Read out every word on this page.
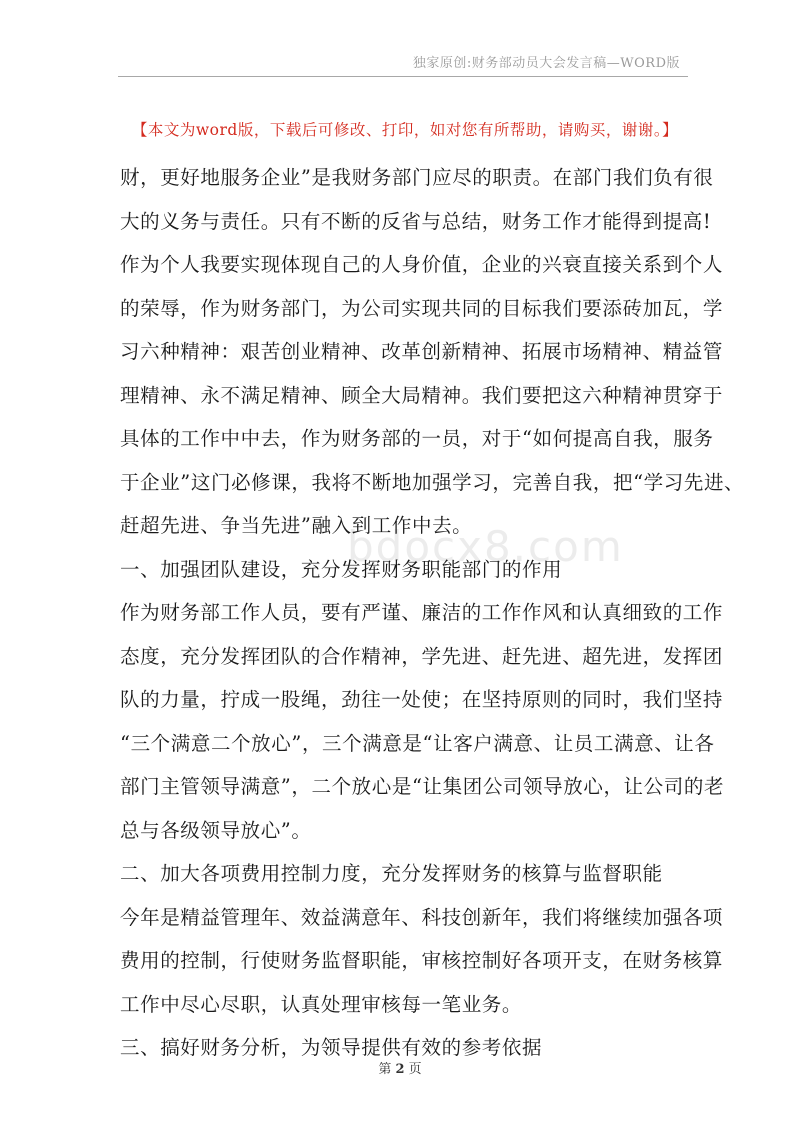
独家原创:财务部动员大会发言稿—WORD版
【本文为word版，下载后可修改、打印，如对您有所帮助，请购买，谢谢。】
bdocx8.com
财，更好地服务企业”是我财务部门应尽的职责。在部门我们负有很
大的义务与责任。只有不断的反省与总结，财务工作才能得到提高!
作为个人我要实现体现自己的人身价值，企业的兴衰直接关系到个人
的荣辱，作为财务部门，为公司实现共同的目标我们要添砖加瓦，学
习六种精神：艰苦创业精神、改革创新精神、拓展市场精神、精益管
理精神、永不满足精神、顾全大局精神。我们要把这六种精神贯穿于
具体的工作中中去，作为财务部的一员，对于“如何提高自我，服务
于企业”这门必修课，我将不断地加强学习，完善自我，把“学习先进、
赶超先进、争当先进”融入到工作中去。
一、加强团队建设，充分发挥财务职能部门的作用
作为财务部工作人员，要有严谨、廉洁的工作作风和认真细致的工作
态度，充分发挥团队的合作精神，学先进、赶先进、超先进，发挥团
队的力量，拧成一股绳，劲往一处使；在坚持原则的同时，我们坚持
“三个满意二个放心”，三个满意是“让客户满意、让员工满意、让各
部门主管领导满意”，二个放心是“让集团公司领导放心，让公司的老
总与各级领导放心”。
二、加大各项费用控制力度，充分发挥财务的核算与监督职能
今年是精益管理年、效益满意年、科技创新年，我们将继续加强各项
费用的控制，行使财务监督职能，审核控制好各项开支，在财务核算
工作中尽心尽职，认真处理审核每一笔业务。
三、搞好财务分析，为领导提供有效的参考依据
第 2 页
